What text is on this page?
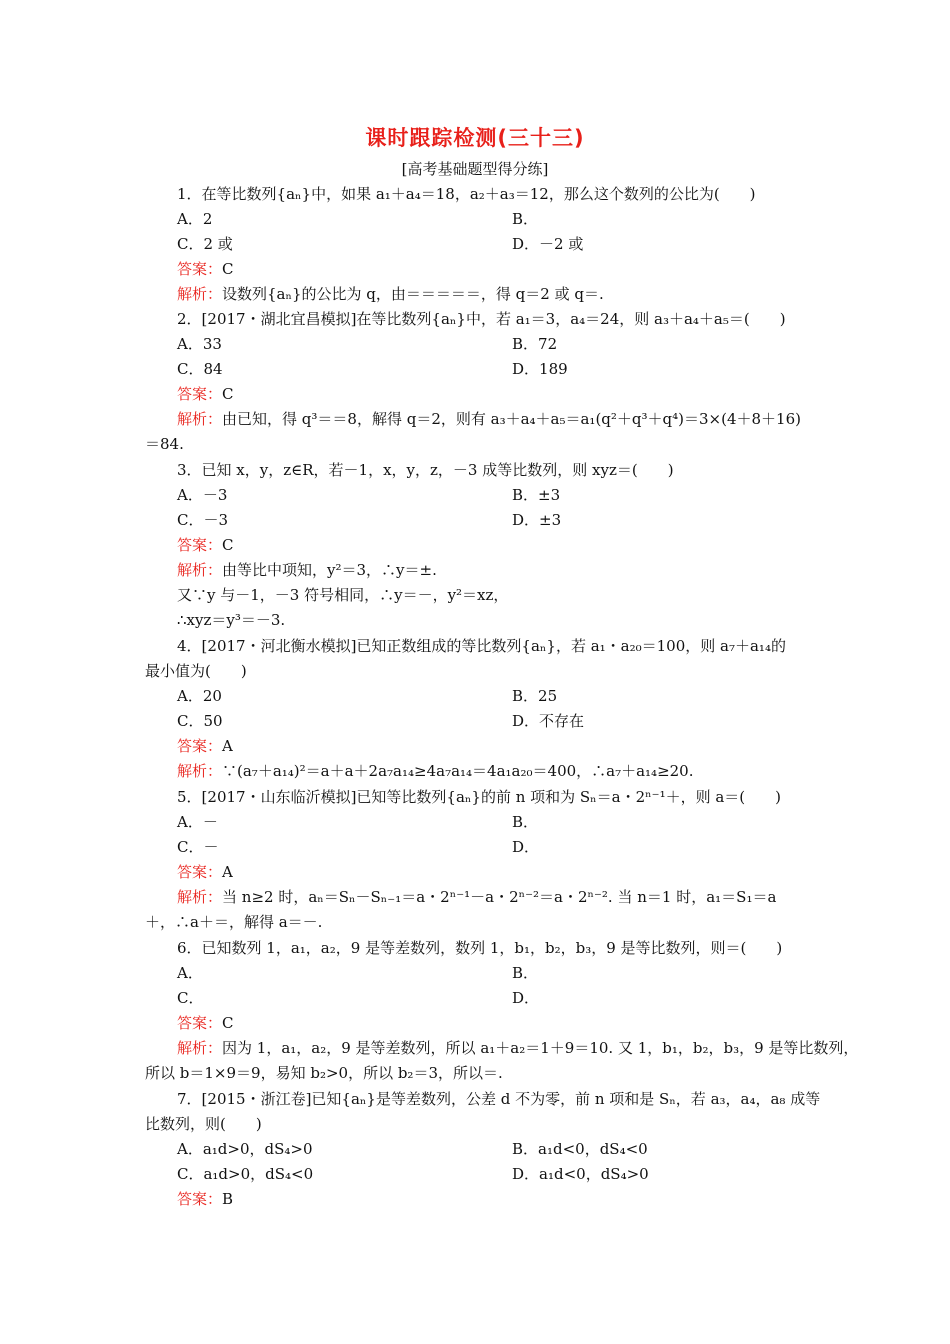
课时跟踪检测(三十三)
[高考基础题型得分练]
1．在等比数列{aₙ}中，如果 a₁＋a₄＝18，a₂＋a₃＝12，那么这个数列的公比为(　　)
A．2	B．
C．2 或	D．－2 或
答案：C
解析：设数列{aₙ}的公比为 q，由＝＝＝＝＝，得 q＝2 或 q＝.
2．[2017・湖北宜昌模拟]在等比数列{aₙ}中，若 a₁＝3，a₄＝24，则 a₃＋a₄＋a₅＝(　　)
A．33	B．72
C．84	D．189
答案：C
解析：由已知，得 q³＝＝8，解得 q＝2，则有 a₃＋a₄＋a₅＝a₁(q²＋q³＋q⁴)＝3×(4＋8＋16)
＝84.
3．已知 x，y，z∈R，若－1，x，y，z，－3 成等比数列，则 xyz＝(　　)
A．－3	B．±3
C．－3	D．±3
答案：C
解析：由等比中项知，y²＝3，∴y＝±.
又∵y 与－1，－3 符号相同，∴y＝－，y²＝xz，
∴xyz＝y³＝－3.
4．[2017・河北衡水模拟]已知正数组成的等比数列{aₙ}，若 a₁・a₂₀＝100，则 a₇＋a₁₄的
最小值为(　　)
A．20	B．25
C．50	D．不存在
答案：A
解析：∵(a₇＋a₁₄)²＝a＋a＋2a₇a₁₄≥4a₇a₁₄＝4a₁a₂₀＝400，∴a₇＋a₁₄≥20.
5．[2017・山东临沂模拟]已知等比数列{aₙ}的前 n 项和为 Sₙ＝a・2ⁿ⁻¹＋，则 a＝(　　)
A．－	B．
C．－	D．
答案：A
解析：当 n≥2 时，aₙ＝Sₙ－Sₙ₋₁＝a・2ⁿ⁻¹－a・2ⁿ⁻²＝a・2ⁿ⁻². 当 n＝1 时，a₁＝S₁＝a
＋，∴a＋＝，解得 a＝－.
6．已知数列 1，a₁，a₂，9 是等差数列，数列 1，b₁，b₂，b₃，9 是等比数列，则＝(　　)
A．	B．
C．	D．
答案：C
解析：因为 1，a₁，a₂，9 是等差数列，所以 a₁＋a₂＝1＋9＝10. 又 1，b₁，b₂，b₃，9 是等比数列，
所以 b＝1×9＝9，易知 b₂>0，所以 b₂＝3，所以＝.
7．[2015・浙江卷]已知{aₙ}是等差数列，公差 d 不为零，前 n 项和是 Sₙ，若 a₃，a₄，a₈ 成等
比数列，则(　　)
A．a₁d>0，dS₄>0	B．a₁d<0，dS₄<0
C．a₁d>0，dS₄<0	D．a₁d<0，dS₄>0
答案：B
